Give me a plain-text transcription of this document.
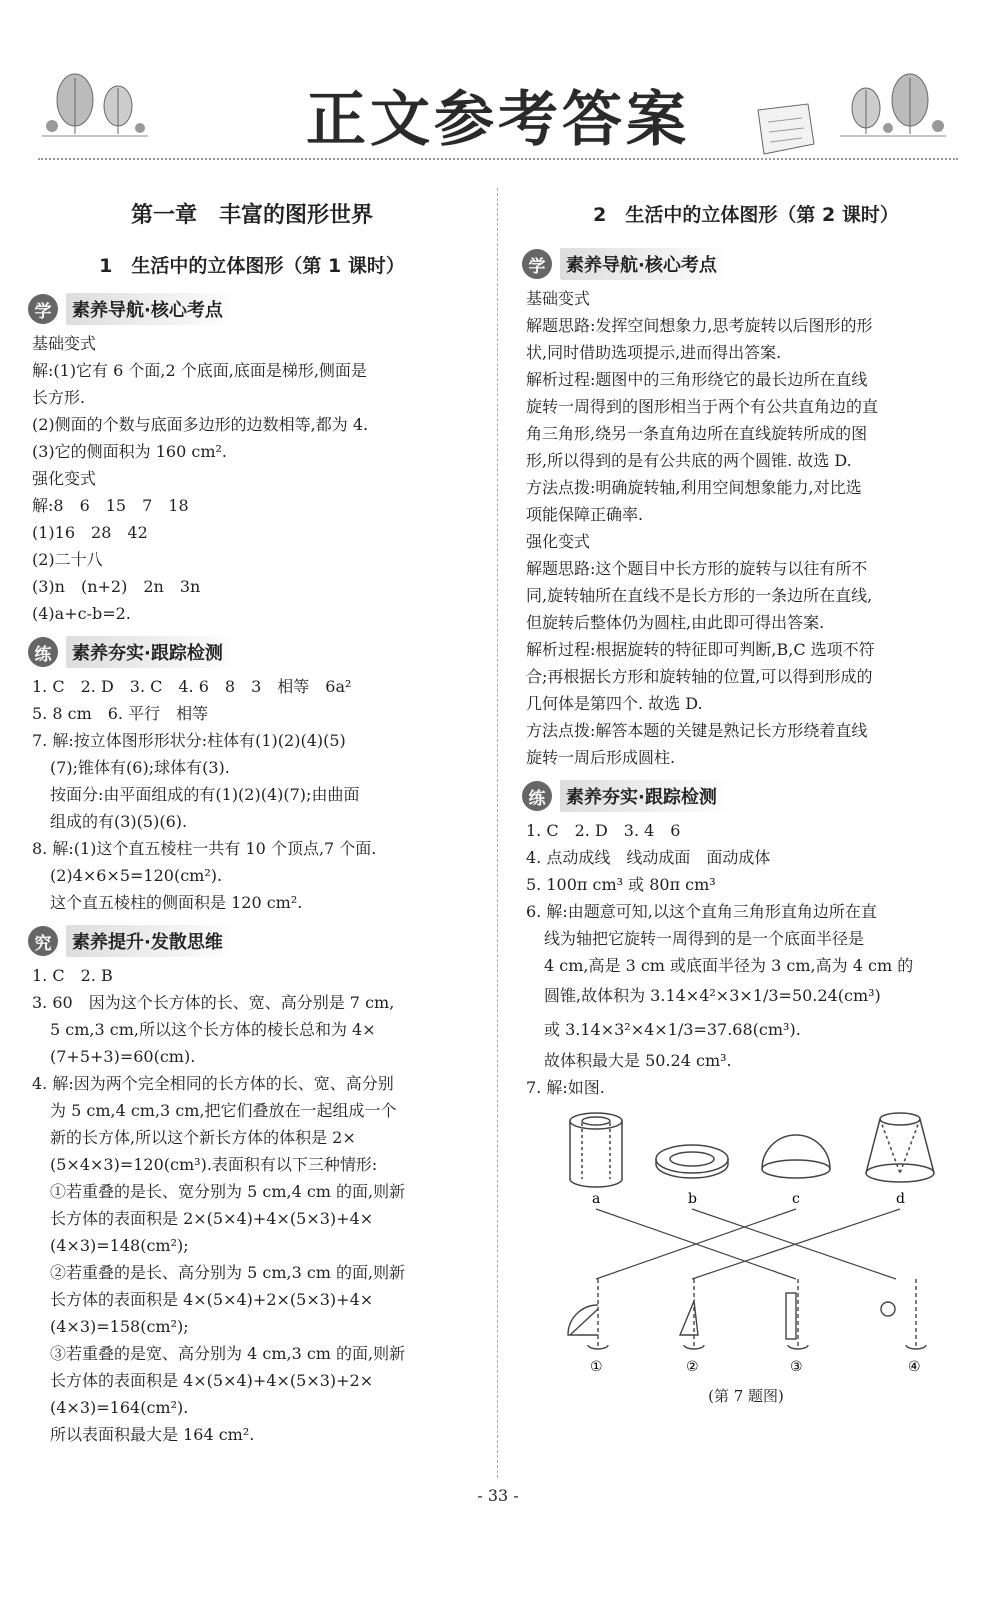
正文参考答案
第一章　丰富的图形世界
1　生活中的立体图形（第 1 课时）
学	素养导航·核心考点
基础变式
解:(1)它有 6 个面,2 个底面,底面是梯形,侧面是
长方形.
(2)侧面的个数与底面多边形的边数相等,都为 4.
(3)它的侧面积为 160 cm².
强化变式
解:8　6　15　7　18
(1)16　28　42
(2)二十八
(3)n　(n+2)　2n　3n
(4)a+c-b=2.
练	素养夯实·跟踪检测
1. C　2. D　3. C　4. 6　8　3　相等　6a²
5. 8 cm　6. 平行　相等
7. 解:按立体图形形状分:柱体有(1)(2)(4)(5)
(7);锥体有(6);球体有(3).
按面分:由平面组成的有(1)(2)(4)(7);由曲面
组成的有(3)(5)(6).
8. 解:(1)这个直五棱柱一共有 10 个顶点,7 个面.
(2)4×6×5=120(cm²).
这个直五棱柱的侧面积是 120 cm².
究	素养提升·发散思维
1. C　2. B
3. 60　因为这个长方体的长、宽、高分别是 7 cm,
5 cm,3 cm,所以这个长方体的棱长总和为 4×
(7+5+3)=60(cm).
4. 解:因为两个完全相同的长方体的长、宽、高分别
为 5 cm,4 cm,3 cm,把它们叠放在一起组成一个
新的长方体,所以这个新长方体的体积是 2×
(5×4×3)=120(cm³).表面积有以下三种情形:
①若重叠的是长、宽分别为 5 cm,4 cm 的面,则新
长方体的表面积是 2×(5×4)+4×(5×3)+4×
(4×3)=148(cm²);
②若重叠的是长、高分别为 5 cm,3 cm 的面,则新
长方体的表面积是 4×(5×4)+2×(5×3)+4×
(4×3)=158(cm²);
③若重叠的是宽、高分别为 4 cm,3 cm 的面,则新
长方体的表面积是 4×(5×4)+4×(5×3)+2×
(4×3)=164(cm²).
所以表面积最大是 164 cm².
2　生活中的立体图形（第 2 课时）
学	素养导航·核心考点
基础变式
解题思路:发挥空间想象力,思考旋转以后图形的形
状,同时借助选项提示,进而得出答案.
解析过程:题图中的三角形绕它的最长边所在直线
旋转一周得到的图形相当于两个有公共直角边的直
角三角形,绕另一条直角边所在直线旋转所成的图
形,所以得到的是有公共底的两个圆锥. 故选 D.
方法点拨:明确旋转轴,利用空间想象能力,对比选
项能保障正确率.
强化变式
解题思路:这个题目中长方形的旋转与以往有所不
同,旋转轴所在直线不是长方形的一条边所在直线,
但旋转后整体仍为圆柱,由此即可得出答案.
解析过程:根据旋转的特征即可判断,B,C 选项不符
合;再根据长方形和旋转轴的位置,可以得到形成的
几何体是第四个. 故选 D.
方法点拨:解答本题的关键是熟记长方形绕着直线
旋转一周后形成圆柱.
练	素养夯实·跟踪检测
1. C　2. D　3. 4　6
4. 点动成线　线动成面　面动成体
5. 100π cm³ 或 80π cm³
6. 解:由题意可知,以这个直角三角形直角边所在直
线为轴把它旋转一周得到的是一个底面半径是
4 cm,高是 3 cm 或底面半径为 3 cm,高为 4 cm 的
圆锥,故体积为 3.14×4²×3×1/3=50.24(cm³)
或 3.14×3²×4×1/3=37.68(cm³).
故体积最大是 50.24 cm³.
7. 解:如图.
a	b	c	d
①	②	③	④
(第 7 题图)
- 33 -
